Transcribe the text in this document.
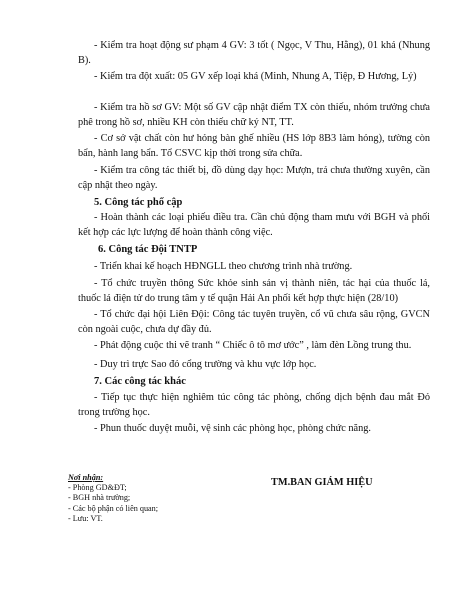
- Kiểm tra hoạt động sư phạm 4 GV: 3 tốt ( Ngọc, V Thu, Hằng), 01 khá (Nhung B).
- Kiểm tra đột xuất: 05 GV xếp loại khá (Minh, Nhung A, Tiệp, Đ Hương, Lý)
- Kiểm tra hồ sơ GV: Một số GV cập nhật điểm TX còn thiếu, nhóm trưởng chưa phê trong hồ sơ, nhiều KH còn thiếu chữ ký NT, TT.
- Cơ sở vật chất còn hư hỏng bàn ghế nhiều (HS lớp 8B3 làm hỏng), tường còn bẩn, hành lang bẩn. Tổ CSVC kịp thời trong sửa chữa.
- Kiểm tra công tác thiết bị, đồ dùng dạy học: Mượn, trả chưa thường xuyên, cần cập nhật theo ngày.
5. Công tác phổ cập
- Hoàn thành các loại phiếu điều tra. Cần chủ động tham mưu với BGH và phối kết hợp các lực lượng để hoàn thành công việc.
6. Công tác Đội TNTP
- Triển khai kế hoạch HĐNGLL theo chương trình nhà trường.
- Tổ chức truyền thông Sức khỏe sinh sản vị thành niên, tác hại của thuốc lá, thuốc lá điện tử do trung tâm y tế quận Hải An phối kết hợp thực hiện (28/10)
- Tổ chức đại hội Liên Đội: Công tác tuyên truyền, cổ vũ chưa sâu rộng, GVCN còn ngoài cuộc, chưa dự đầy đủ.
- Phát động cuộc thi vẽ tranh “ Chiếc ô tô mơ ước” , làm đèn Lồng trung thu.
- Duy trì trực Sao đỏ cổng trường và khu vực lớp học.
7. Các công tác khác
- Tiếp tục thực hiện nghiêm túc công tác phòng, chống dịch bệnh đau mắt Đỏ trong trường học.
- Phun thuốc duyệt muỗi, vệ sinh các phòng học, phòng chức năng.
Nơi nhận:
- Phòng GD&ĐT;
- BGH nhà trường;
- Các bộ phận có liên quan;
- Lưu: VT.
TM.BAN GIÁM HIỆU
